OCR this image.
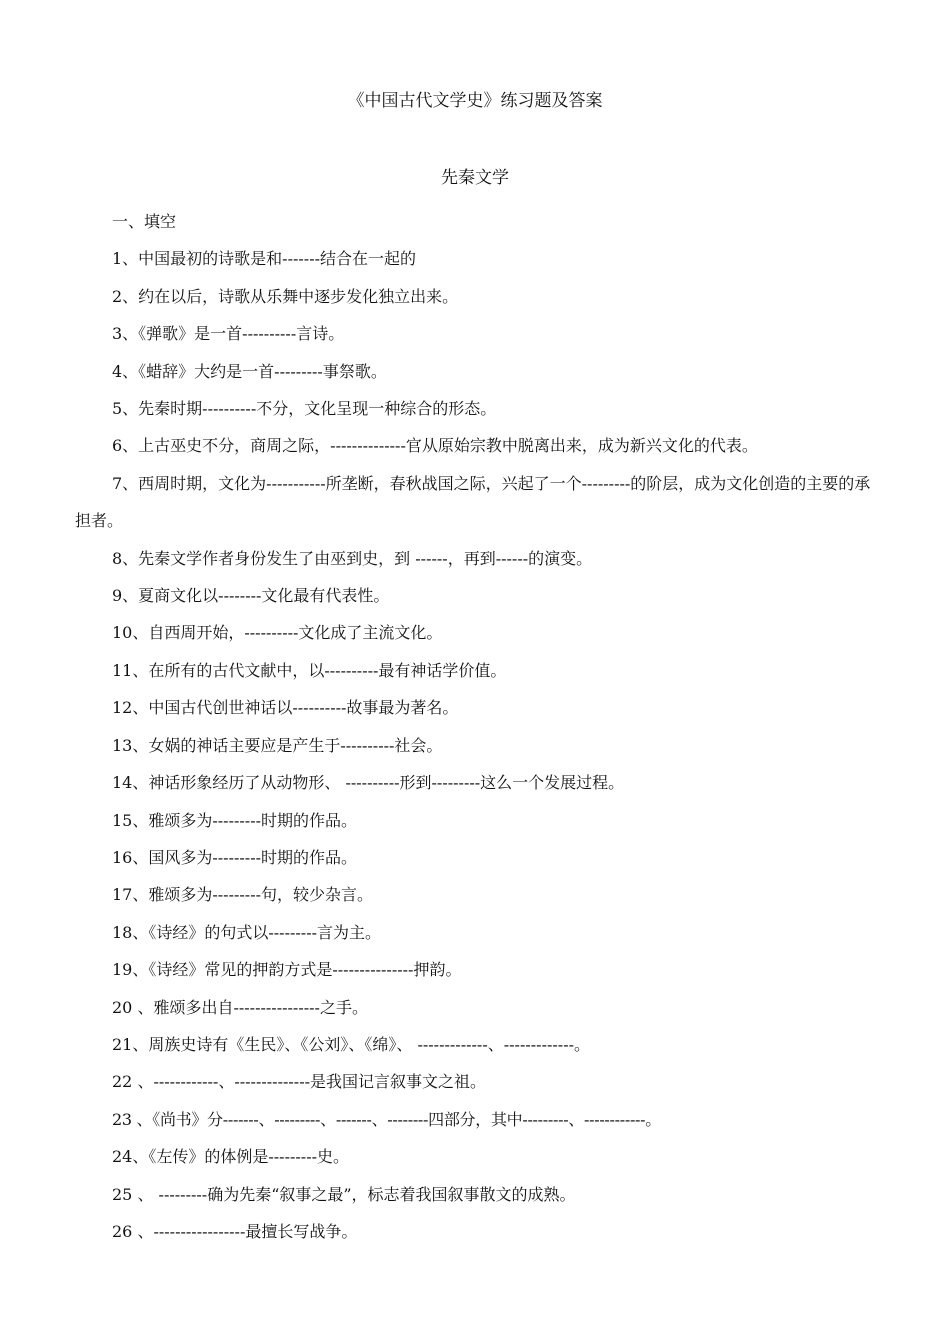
《中国古代文学史》练习题及答案
先秦文学

一、填空

1、中国最初的诗歌是和-------结合在一起的

2、约在以后，诗歌从乐舞中逐步发化独立出来。

3、《弹歌》是一首----------言诗。

4、《蜡辞》大约是一首---------事祭歌。

5、先秦时期----------不分，文化呈现一种综合的形态。

6、上古巫史不分，商周之际，--------------官从原始宗教中脱离出来，成为新兴文化的代表。

7、西周时期，文化为-----------所垄断，春秋战国之际，兴起了一个---------的阶层，成为文化创造的主要的承担者。

8、先秦文学作者身份发生了由巫到史，到 ------，再到------的演变。

9、夏商文化以--------文化最有代表性。

10、自西周开始，----------文化成了主流文化。

11、在所有的古代文献中，以----------最有神话学价值。

12、中国古代创世神话以----------故事最为著名。

13、女娲的神话主要应是产生于----------社会。

14、神话形象经历了从动物形、 ----------形到---------这么一个发展过程。

15、雅颂多为---------时期的作品。

16、国风多为---------时期的作品。

17、雅颂多为---------句，较少杂言。

18、《诗经》的句式以---------言为主。

19、《诗经》常见的押韵方式是---------------押韵。

20 、雅颂多出自----------------之手。

21、周族史诗有《生民》、《公刘》、《绵》、 -------------、-------------。

22 、------------、--------------是我国记言叙事文之祖。

23 、《尚书》分-------、---------、-------、--------四部分，其中---------、------------。

24、《左传》的体例是---------史。

25 、 ---------确为先秦“叙事之最”，标志着我国叙事散文的成熟。

26 、-----------------最擅长写战争。
